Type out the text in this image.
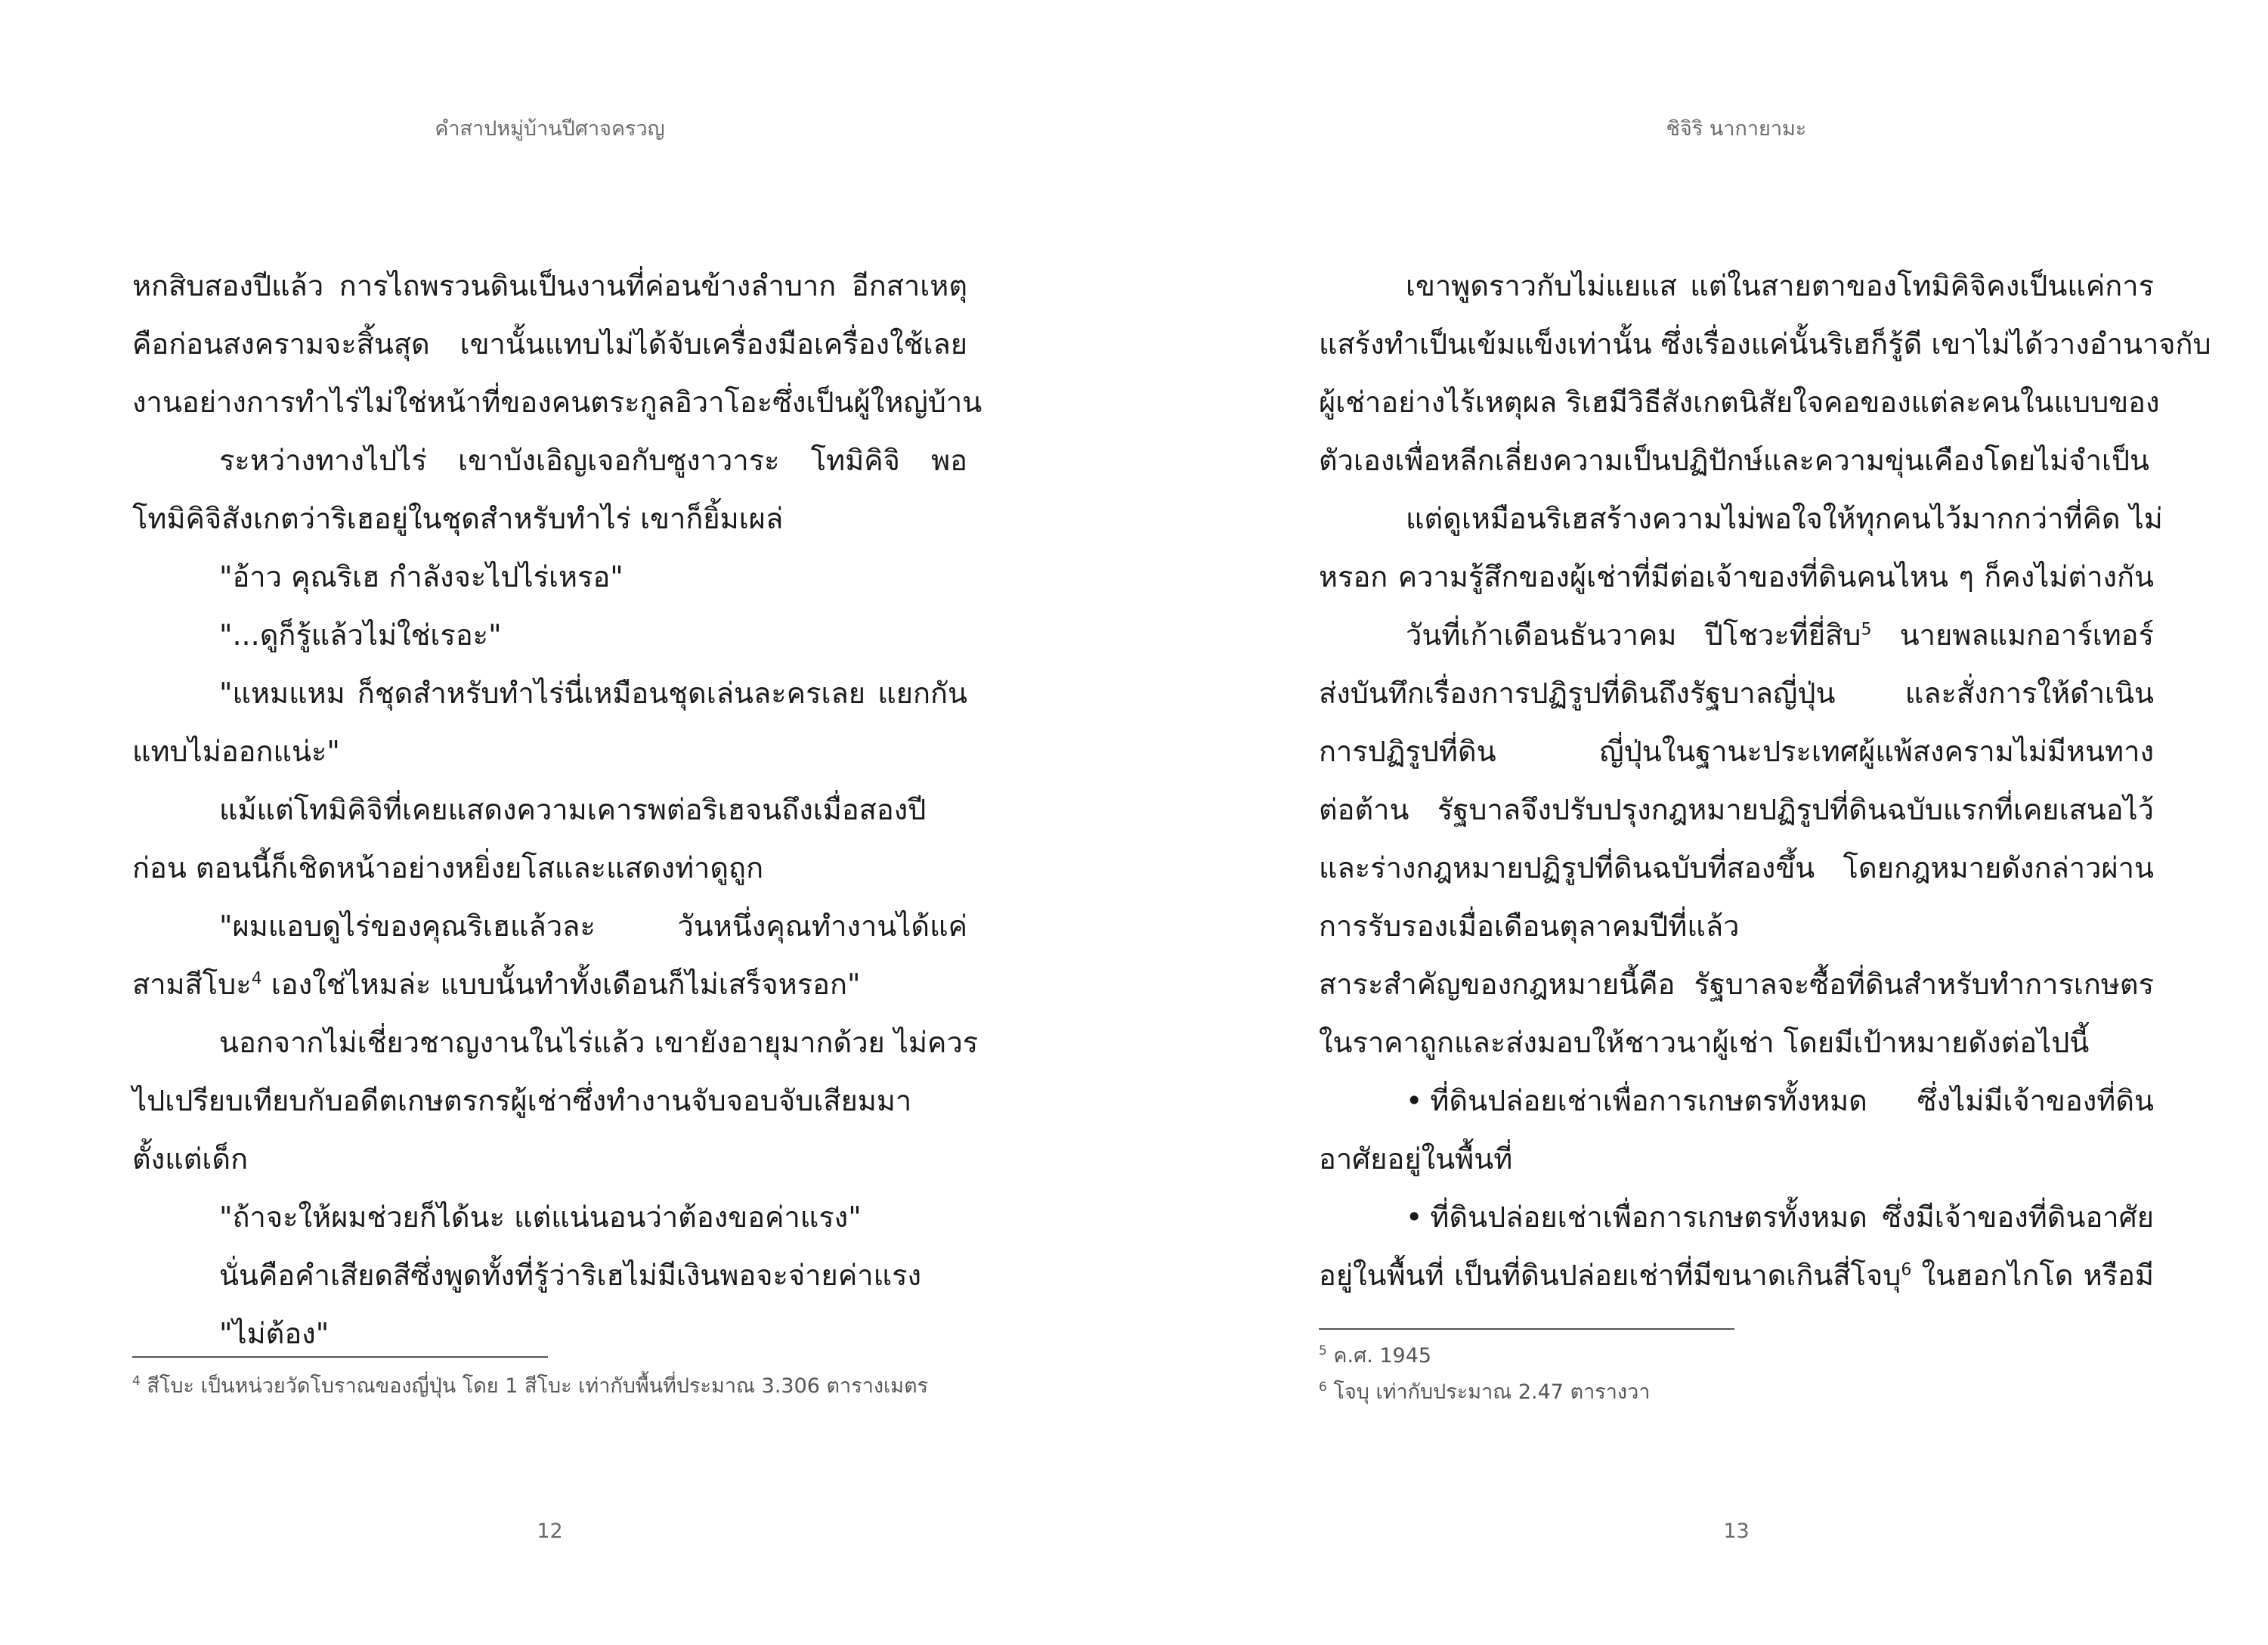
คำสาปหมู่บ้านปีศาจครวญ
หกสิบสองปีแล้ว การไถพรวนดินเป็นงานที่ค่อนข้างลำบาก อีกสาเหตุ
คือก่อนสงครามจะสิ้นสุด เขานั้นแทบไม่ได้จับเครื่องมือเครื่องใช้เลย
งานอย่างการทำไร่ไม่ใช่หน้าที่ของคนตระกูลอิวาโอะซึ่งเป็นผู้ใหญ่บ้าน
ระหว่างทางไปไร่ เขาบังเอิญเจอกับซูงาวาระ โทมิคิจิ พอ
โทมิคิจิสังเกตว่าริเฮอยู่ในชุดสำหรับทำไร่ เขาก็ยิ้มเผล่
"อ้าว คุณริเฮ กำลังจะไปไร่เหรอ"
"...ดูก็รู้แล้วไม่ใช่เรอะ"
"แหมแหม ก็ชุดสำหรับทำไร่นี่เหมือนชุดเล่นละครเลย แยกกัน
แทบไม่ออกแน่ะ"
แม้แต่โทมิคิจิที่เคยแสดงความเคารพต่อริเฮจนถึงเมื่อสองปี
ก่อน ตอนนี้ก็เชิดหน้าอย่างหยิ่งยโสและแสดงท่าดูถูก
"ผมแอบดูไร่ของคุณริเฮแล้วละ วันหนึ่งคุณทำงานได้แค่
สามสีโบะ$^4$ เองใช่ไหมล่ะ แบบนั้นทำทั้งเดือนก็ไม่เสร็จหรอก"
นอกจากไม่เชี่ยวชาญงานในไร่แล้ว เขายังอายุมากด้วย ไม่ควร
ไปเปรียบเทียบกับอดีตเกษตรกรผู้เช่าซึ่งทำงานจับจอบจับเสียมมา
ตั้งแต่เด็ก
"ถ้าจะให้ผมช่วยก็ได้นะ แต่แน่นอนว่าต้องขอค่าแรง"
นั่นคือคำเสียดสีซึ่งพูดทั้งที่รู้ว่าริเฮไม่มีเงินพอจะจ่ายค่าแรง
"ไม่ต้อง"
$^4$ สีโบะ เป็นหน่วยวัดโบราณของญี่ปุ่น โดย 1 สีโบะ เท่ากับพื้นที่ประมาณ 3.306 ตารางเมตร
12
ชิจิริ นากายามะ
เขาพูดราวกับไม่แยแส แต่ในสายตาของโทมิคิจิคงเป็นแค่การ
แสร้งทำเป็นเข้มแข็งเท่านั้น ซึ่งเรื่องแค่นั้นริเฮก็รู้ดี เขาไม่ได้วางอำนาจกับ
ผู้เช่าอย่างไร้เหตุผล ริเฮมีวิธีสังเกตนิสัยใจคอของแต่ละคนในแบบของ
ตัวเองเพื่อหลีกเลี่ยงความเป็นปฏิปักษ์และความขุ่นเคืองโดยไม่จำเป็น
แต่ดูเหมือนริเฮสร้างความไม่พอใจให้ทุกคนไว้มากกว่าที่คิด ไม่
หรอก ความรู้สึกของผู้เช่าที่มีต่อเจ้าของที่ดินคนไหน ๆ ก็คงไม่ต่างกัน
วันที่เก้าเดือนธันวาคม ปีโชวะที่ยี่สิบ$^5$ นายพลแมกอาร์เทอร์
ส่งบันทึกเรื่องการปฏิรูปที่ดินถึงรัฐบาลญี่ปุ่น และสั่งการให้ดำเนิน
การปฏิรูปที่ดิน ญี่ปุ่นในฐานะประเทศผู้แพ้สงครามไม่มีหนทาง
ต่อต้าน รัฐบาลจึงปรับปรุงกฎหมายปฏิรูปที่ดินฉบับแรกที่เคยเสนอไว้
และร่างกฎหมายปฏิรูปที่ดินฉบับที่สองขึ้น โดยกฎหมายดังกล่าวผ่าน
การรับรองเมื่อเดือนตุลาคมปีที่แล้ว
สาระสำคัญของกฎหมายนี้คือ รัฐบาลจะซื้อที่ดินสำหรับทำการเกษตร
ในราคาถูกและส่งมอบให้ชาวนาผู้เช่า โดยมีเป้าหมายดังต่อไปนี้
• ที่ดินปล่อยเช่าเพื่อการเกษตรทั้งหมด ซึ่งไม่มีเจ้าของที่ดิน
อาศัยอยู่ในพื้นที่
• ที่ดินปล่อยเช่าเพื่อการเกษตรทั้งหมด ซึ่งมีเจ้าของที่ดินอาศัย
อยู่ในพื้นที่ เป็นที่ดินปล่อยเช่าที่มีขนาดเกินสี่โจบุ$^6$ ในฮอกไกโด หรือมี
$^5$ ค.ศ. 1945
$^6$ โจบุ เท่ากับประมาณ 2.47 ตารางวา
13
